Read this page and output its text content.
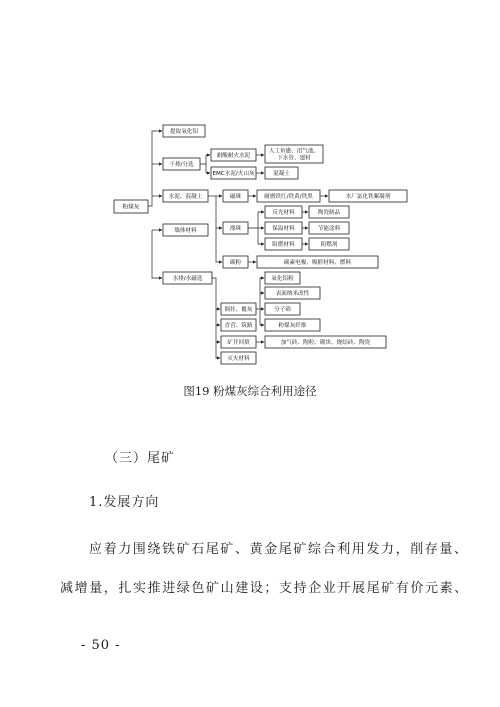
粉煤灰
提取氧化铝
干排/分选
耐酸耐火水泥
人工鱼礁、沼气池、
下水管、建材
EMC水泥/火山灰	混凝土
水泥、混凝土	磁珠	耐磨铁红/铁黄/铁黑	水厂氯化铁絮凝剂
墙体材料	漂珠
反光材料	陶瓷制品
保温材料	节能涂料
阻燃材料	阻燃剂
碳粉	碳素电极、吸附材料、燃料
水排/水磁选	氧化铝粉
表面纳米改性
分子筛
倒挂、覆灰
粉煤灰纤维
直营、筑路
矿井回填	加气砖、陶粒、砌块、烧结砖、陶瓷
灭火材料
图19 粉煤灰综合利用途径
（三）尾矿
1.发展方向
应着力围绕铁矿石尾矿、黄金尾矿综合利用发力，削存量、
减增量，扎实推进绿色矿山建设；支持企业开展尾矿有价元素、
- 50 -
